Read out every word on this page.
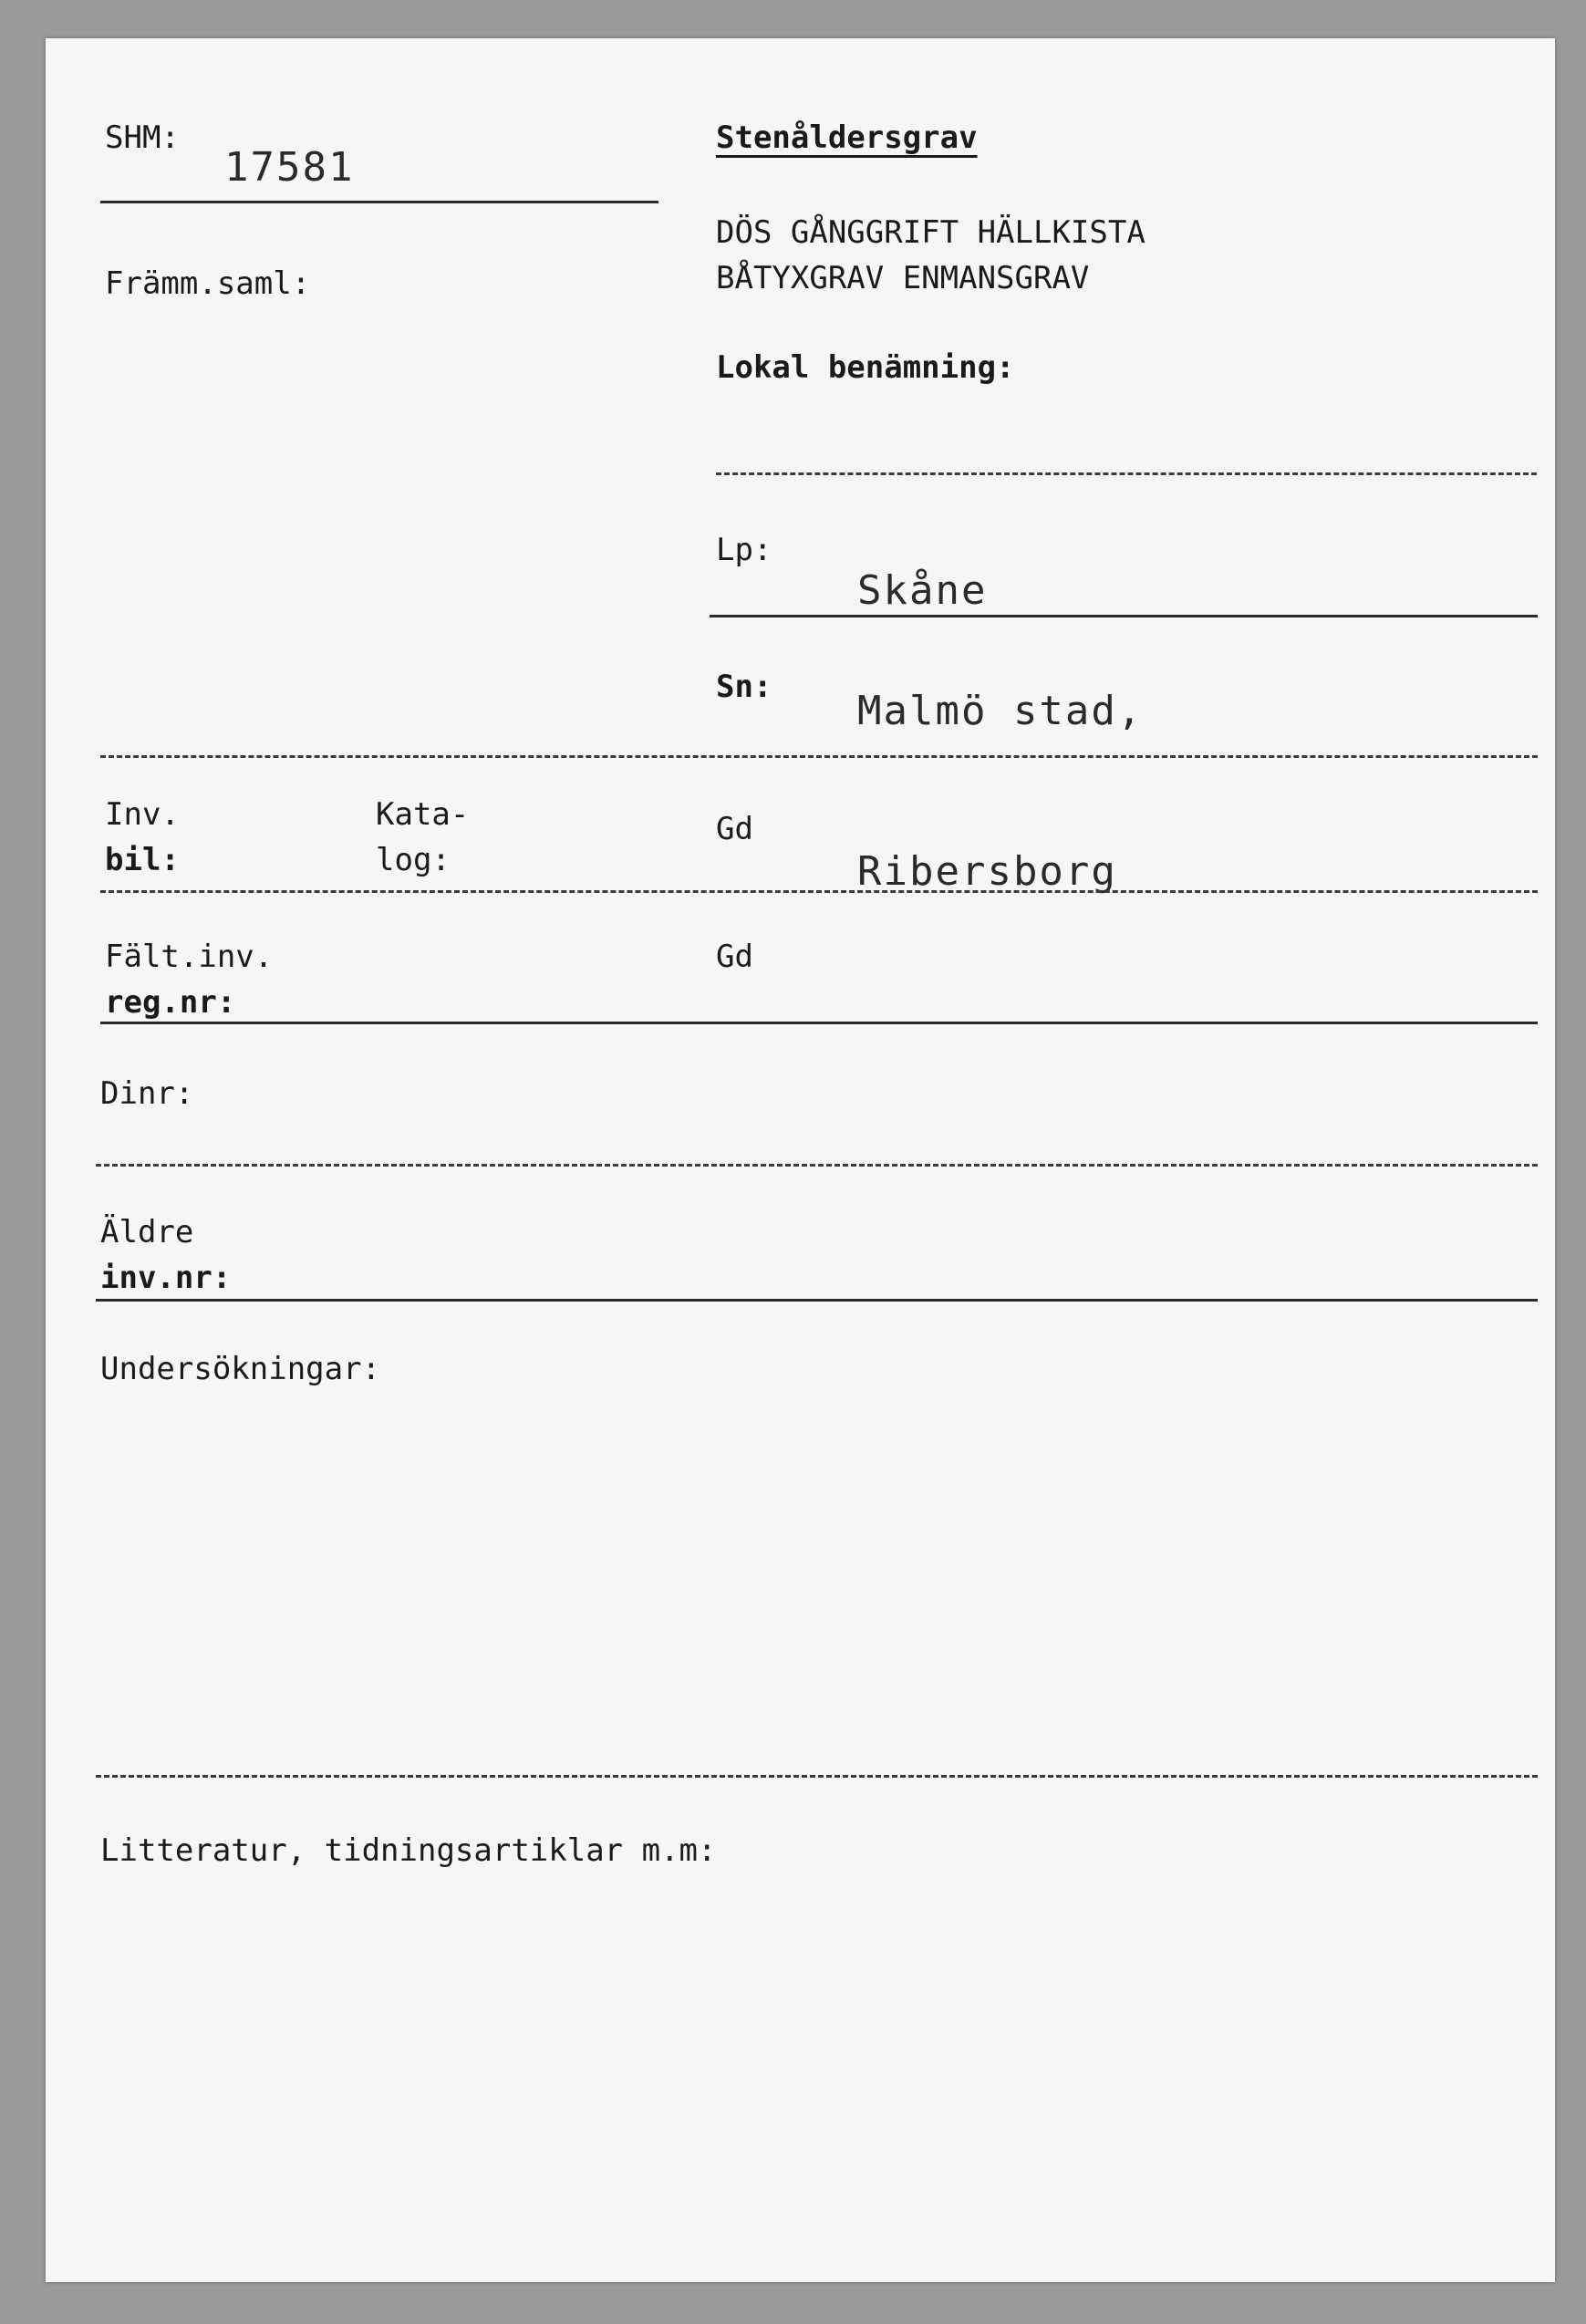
SHM:
17581
Främm.saml:
Stenåldersgrav
DÖS GÅNGGRIFT HÄLLKISTA
BÅTYXGRAV ENMANSGRAV
Lokal benämning:
Lp:
Skåne
Sn:
Malmö stad,
Inv.
bil:
Kata-
log:
Gd
Ribersborg
Fält.inv.
reg.nr:
Gd
Dinr:
Äldre
inv.nr:
Undersökningar:
Litteratur, tidningsartiklar m.m:
